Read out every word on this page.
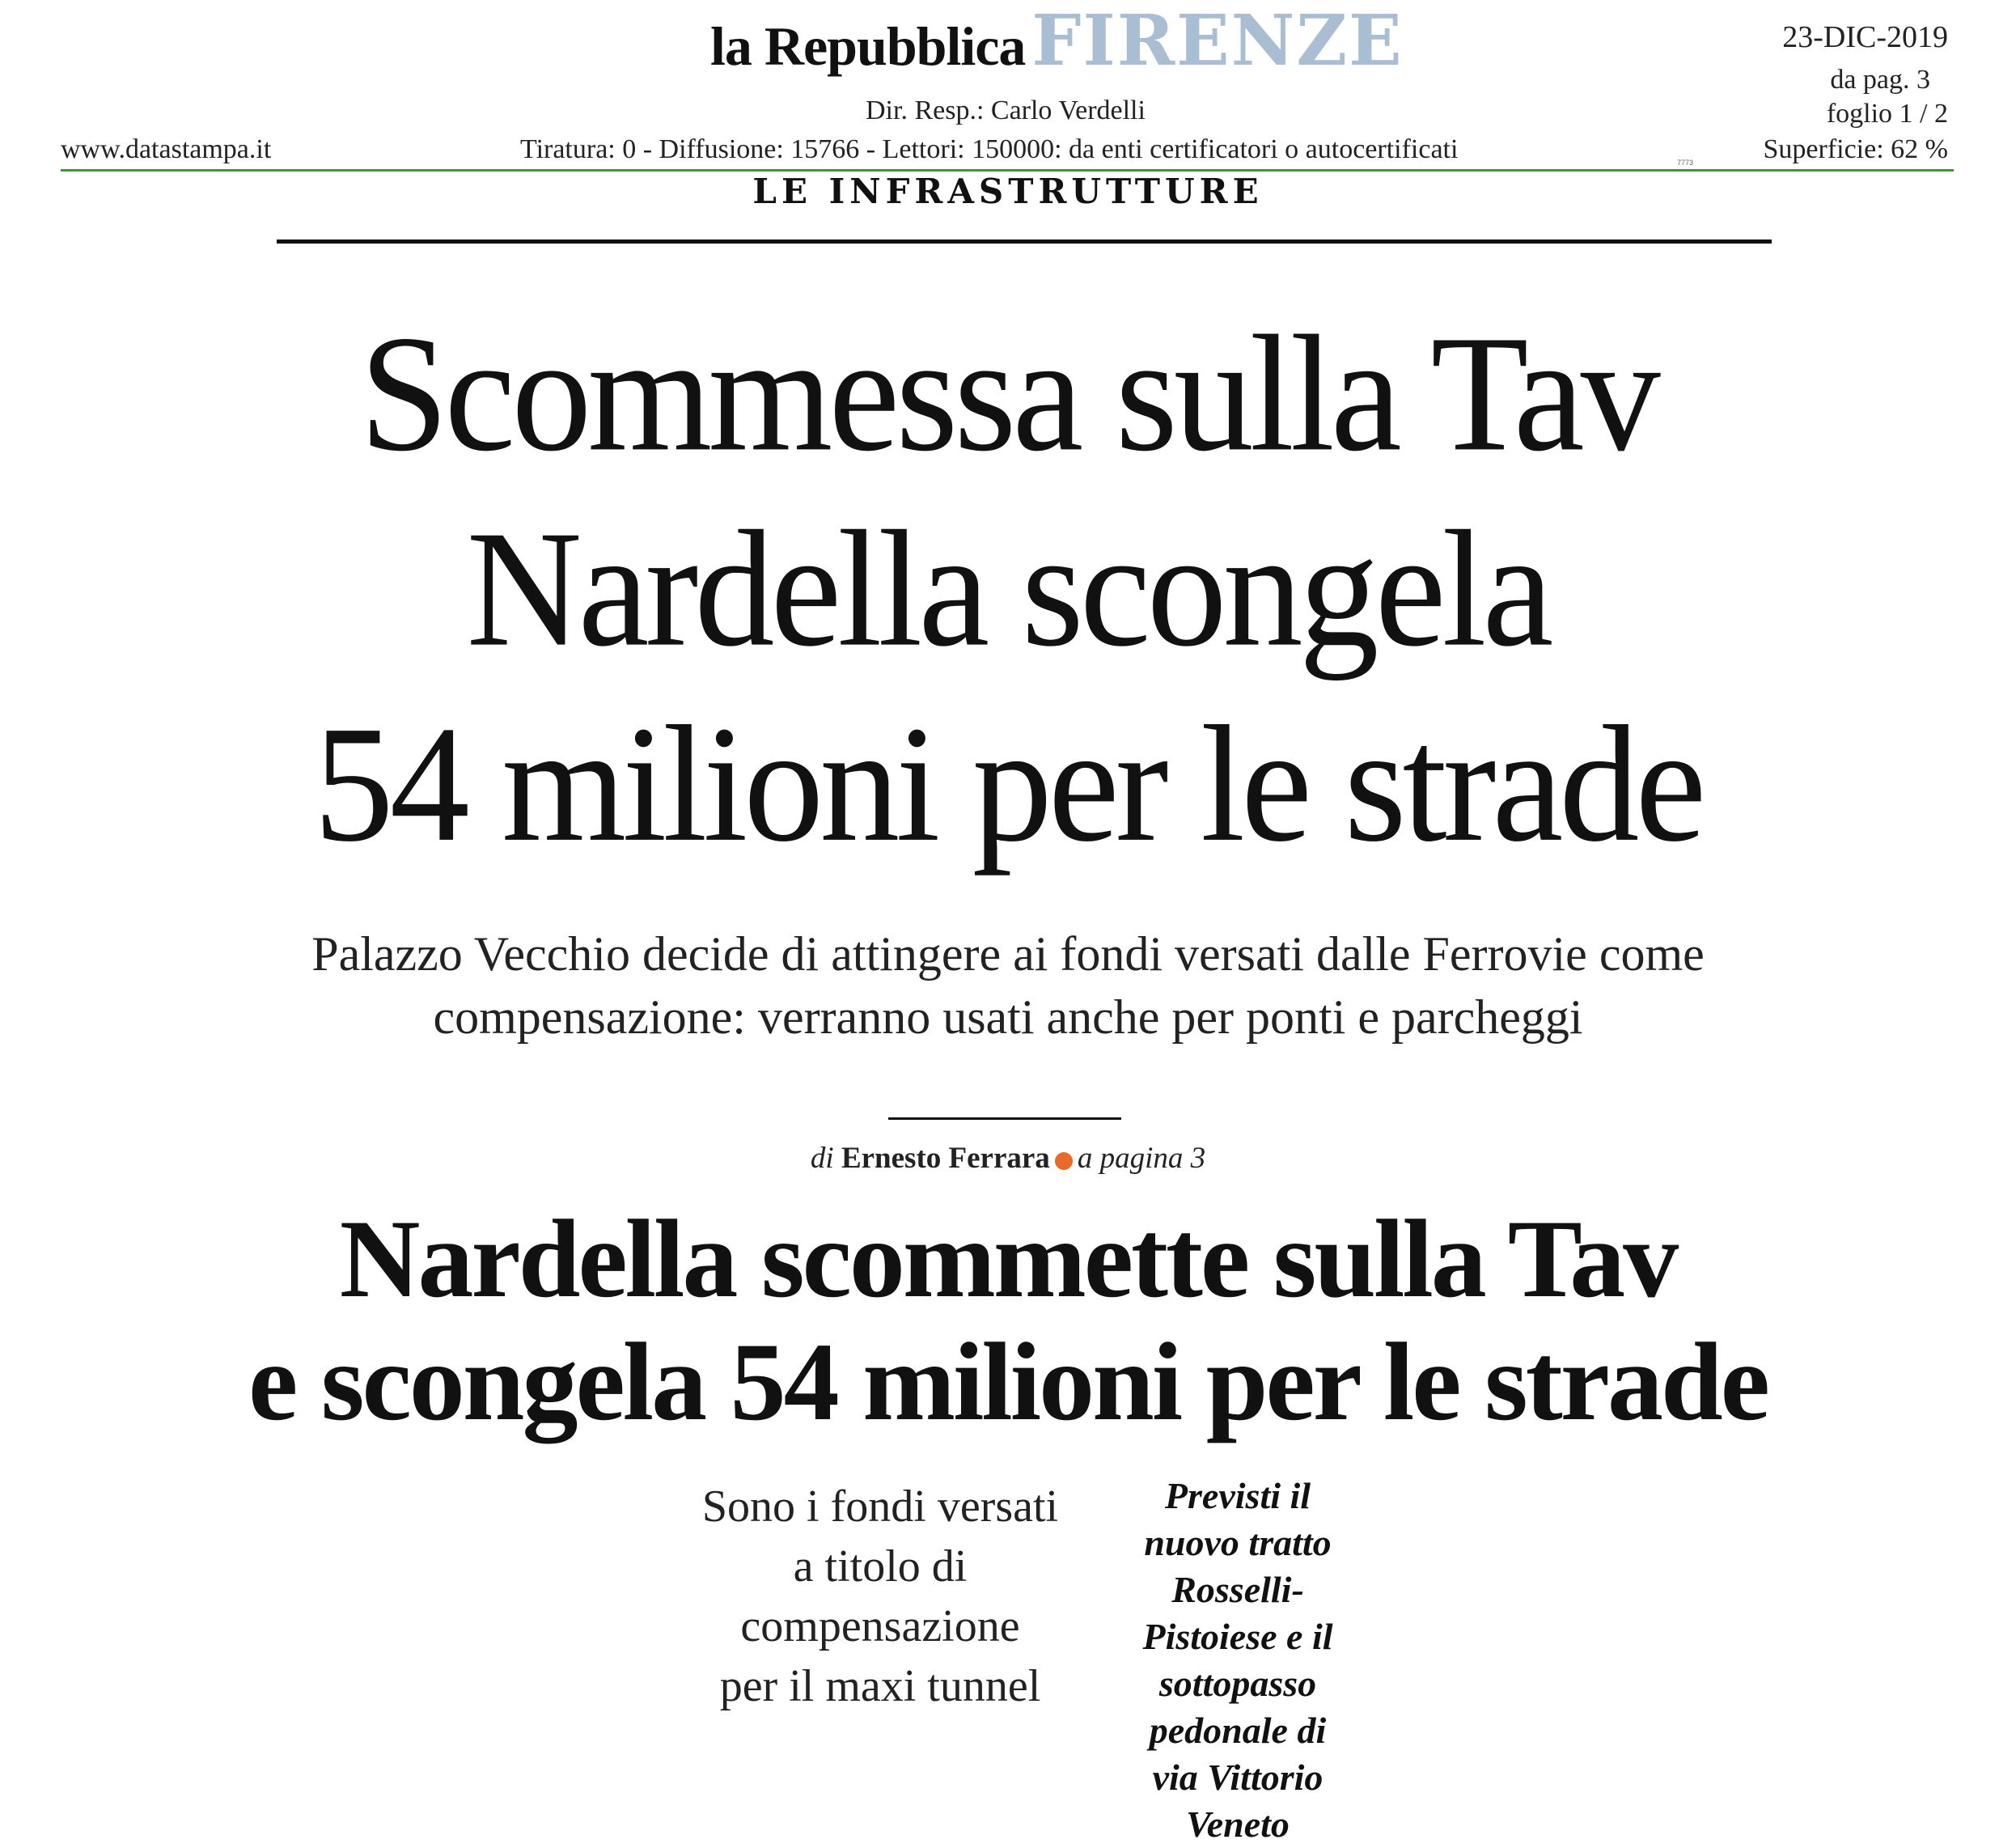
la RepubblicaFIRENZE
Dir. Resp.: Carlo Verdelli
Tiratura: 0 - Diffusione: 15766 - Lettori: 150000: da enti certificatori o autocertificati
www.datastampa.it
23-DIC-2019
da pag. 3
foglio 1 / 2
Superficie: 62 %
7773
LE INFRASTRUTTURE
Scommessa sulla Tav
Nardella scongela
54 milioni per le strade
Palazzo Vecchio decide di attingere ai fondi versati dalle Ferrovie come
compensazione: verranno usati anche per ponti e parcheggi
di Ernesto Ferrara a pagina 3
Nardella scommette sulla Tav
e scongela 54 milioni per le strade
Sono i fondi versati
a titolo di
compensazione
per il maxi tunnel
Previsti il
nuovo tratto
Rosselli-
Pistoiese e il
sottopasso
pedonale di
via Vittorio
Veneto
